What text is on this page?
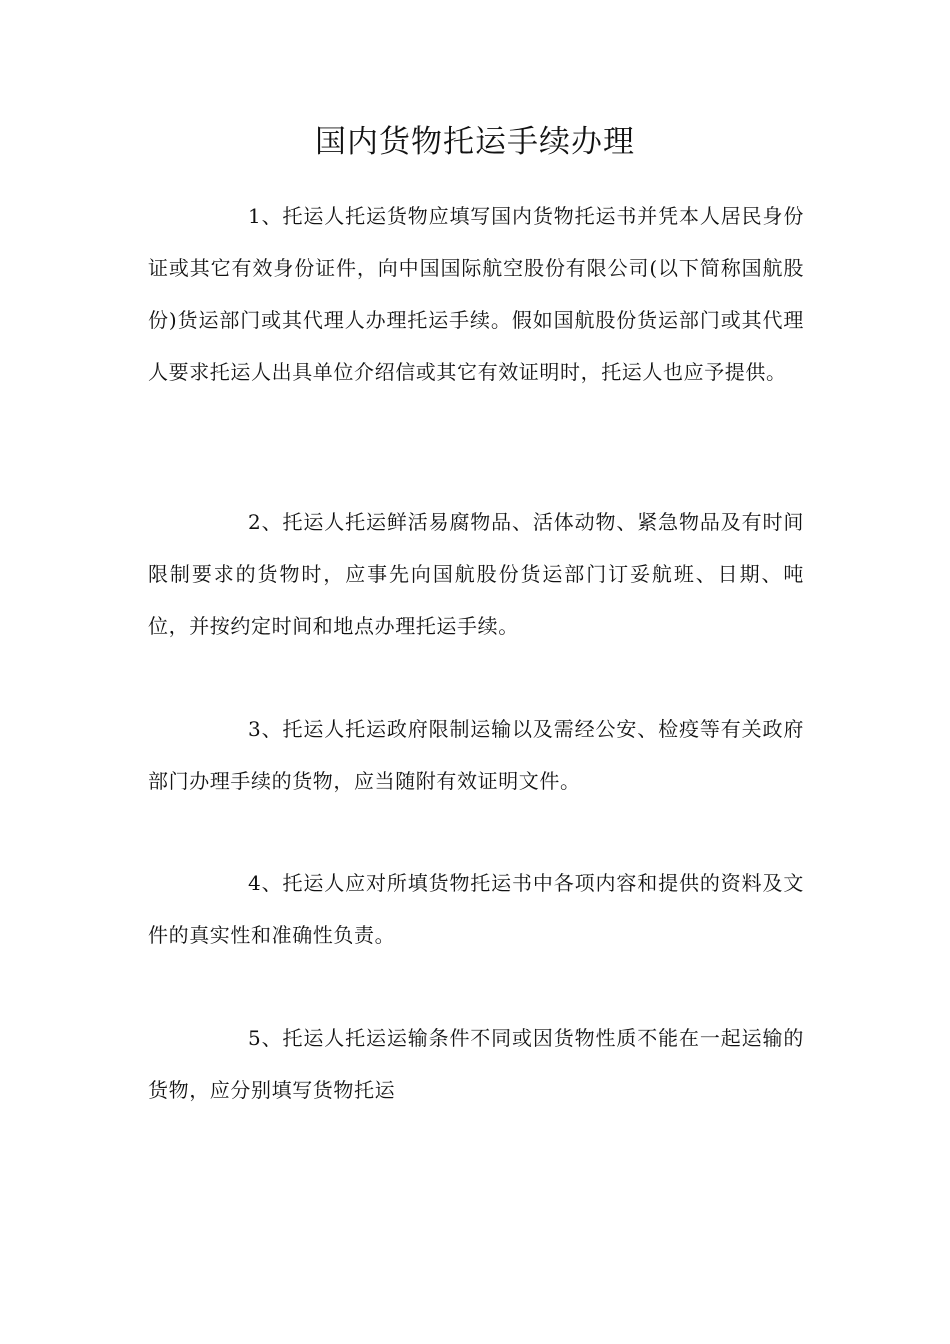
国内货物托运手续办理

1、托运人托运货物应填写国内货物托运书并凭本人居民身份证或其它有效身份证件，向中国国际航空股份有限公司(以下简称国航股份)货运部门或其代理人办理托运手续。假如国航股份货运部门或其代理人要求托运人出具单位介绍信或其它有效证明时，托运人也应予提供。

2、托运人托运鲜活易腐物品、活体动物、紧急物品及有时间限制要求的货物时，应事先向国航股份货运部门订妥航班、日期、吨位，并按约定时间和地点办理托运手续。

3、托运人托运政府限制运输以及需经公安、检疫等有关政府部门办理手续的货物，应当随附有效证明文件。

4、托运人应对所填货物托运书中各项内容和提供的资料及文件的真实性和准确性负责。

5、托运人托运运输条件不同或因货物性质不能在一起运输的货物，应分别填写货物托运
